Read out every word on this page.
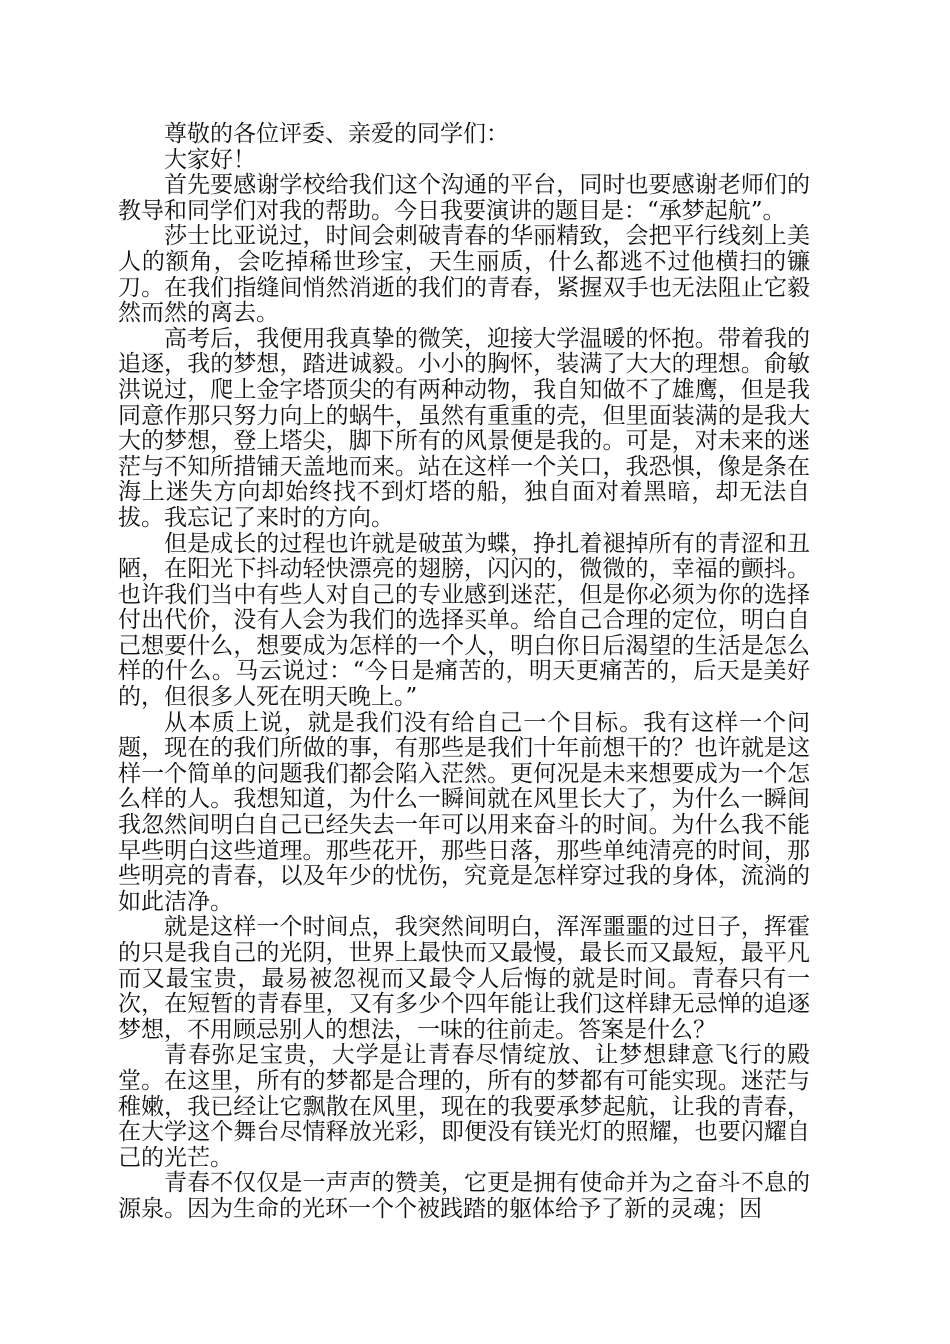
尊敬的各位评委、亲爱的同学们：

大家好！

首先要感谢学校给我们这个沟通的平台，同时也要感谢老师们的教导和同学们对我的帮助。今日我要演讲的题目是：“承梦起航”。

莎士比亚说过，时间会刺破青春的华丽精致，会把平行线刻上美人的额角，会吃掉稀世珍宝，天生丽质，什么都逃不过他横扫的镰刀。在我们指缝间悄然消逝的我们的青春，紧握双手也无法阻止它毅然而然的离去。

高考后，我便用我真挚的微笑，迎接大学温暖的怀抱。带着我的追逐，我的梦想，踏进诚毅。小小的胸怀，装满了大大的理想。俞敏洪说过，爬上金字塔顶尖的有两种动物，我自知做不了雄鹰，但是我同意作那只努力向上的蜗牛，虽然有重重的壳，但里面装满的是我大大的梦想，登上塔尖，脚下所有的风景便是我的。可是，对未来的迷茫与不知所措铺天盖地而来。站在这样一个关口，我恐惧，像是条在海上迷失方向却始终找不到灯塔的船，独自面对着黑暗，却无法自拔。我忘记了来时的方向。

但是成长的过程也许就是破茧为蝶，挣扎着褪掉所有的青涩和丑陋，在阳光下抖动轻快漂亮的翅膀，闪闪的，微微的，幸福的颤抖。也许我们当中有些人对自己的专业感到迷茫，但是你必须为你的选择付出代价，没有人会为我们的选择买单。给自己合理的定位，明白自己想要什么，想要成为怎样的一个人，明白你日后渴望的生活是怎么样的什么。马云说过：“今日是痛苦的，明天更痛苦的，后天是美好的，但很多人死在明天晚上。”

从本质上说，就是我们没有给自己一个目标。我有这样一个问题，现在的我们所做的事，有那些是我们十年前想干的？也许就是这样一个简单的问题我们都会陷入茫然。更何况是未来想要成为一个怎么样的人。我想知道，为什么一瞬间就在风里长大了，为什么一瞬间我忽然间明白自己已经失去一年可以用来奋斗的时间。为什么我不能早些明白这些道理。那些花开，那些日落，那些单纯清亮的时间，那些明亮的青春，以及年少的忧伤，究竟是怎样穿过我的身体，流淌的如此洁净。

就是这样一个时间点，我突然间明白，浑浑噩噩的过日子，挥霍的只是我自己的光阴，世界上最快而又最慢，最长而又最短，最平凡而又最宝贵，最易被忽视而又最令人后悔的就是时间。青春只有一次，在短暂的青春里，又有多少个四年能让我们这样肆无忌惮的追逐梦想，不用顾忌别人的想法，一味的往前走。答案是什么？

青春弥足宝贵，大学是让青春尽情绽放、让梦想肆意飞行的殿堂。在这里，所有的梦都是合理的，所有的梦都有可能实现。迷茫与稚嫩，我已经让它飘散在风里，现在的我要承梦起航，让我的青春，在大学这个舞台尽情释放光彩，即便没有镁光灯的照耀，也要闪耀自己的光芒。

青春不仅仅是一声声的赞美，它更是拥有使命并为之奋斗不息的源泉。因为生命的光环一个个被践踏的躯体给予了新的灵魂；因
